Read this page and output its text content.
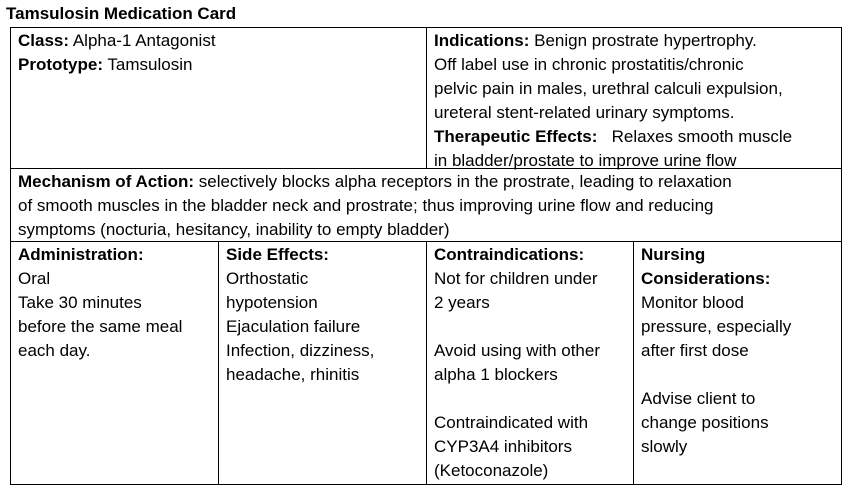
Tamsulosin Medication Card
Class: Alpha-1 Antagonist
Prototype: Tamsulosin
Indications: Benign prostrate hypertrophy.
Off label use in chronic prostatitis/chronic
pelvic pain in males, urethral calculi expulsion,
ureteral stent-related urinary symptoms.
Therapeutic Effects: Relaxes smooth muscle
in bladder/prostate to improve urine flow
Mechanism of Action: selectively blocks alpha receptors in the prostrate, leading to relaxation
of smooth muscles in the bladder neck and prostrate; thus improving urine flow and reducing
symptoms (nocturia, hesitancy, inability to empty bladder)
Administration:
Oral
Take 30 minutes
before the same meal
each day.
Side Effects:
Orthostatic
hypotension
Ejaculation failure
Infection, dizziness,
headache, rhinitis
Contraindications:
Not for children under
2 years
Avoid using with other
alpha 1 blockers
Contraindicated with
CYP3A4 inhibitors
(Ketoconazole)
Nursing
Considerations:
Monitor blood
pressure, especially
after first dose
Advise client to
change positions
slowly
